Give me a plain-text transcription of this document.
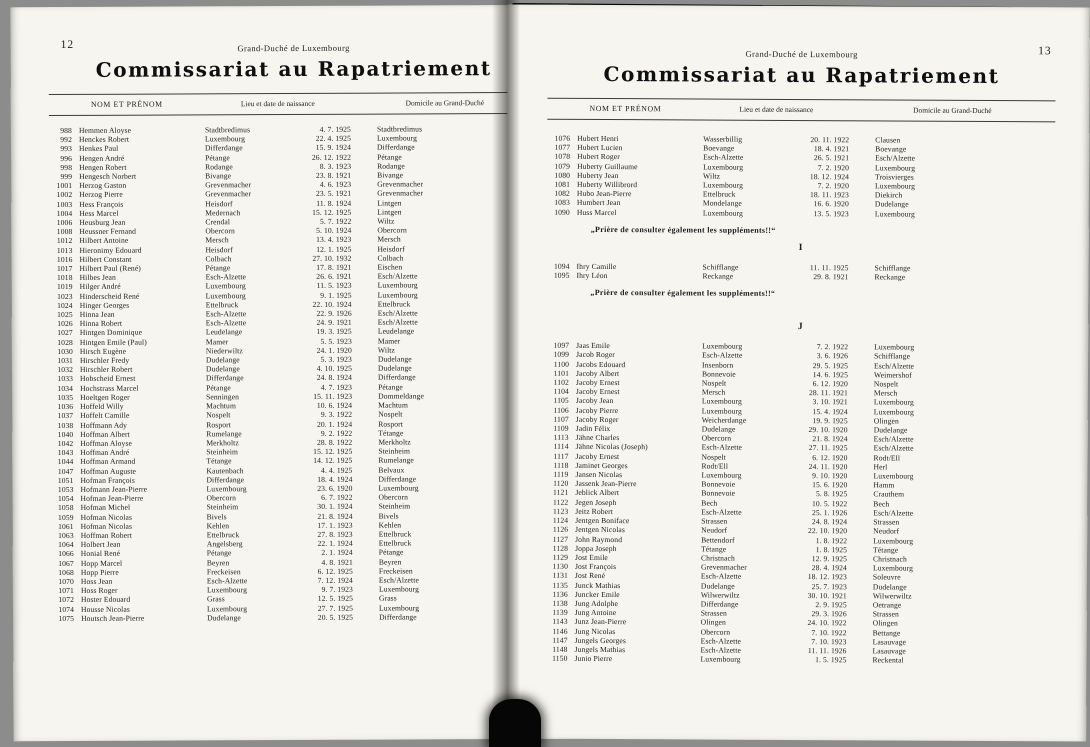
12	Grand-Duché de Luxembourg
Commissariat au Rapatriement
NOM ET PRÉNOM	Lieu et date de naissance	Domicile au Grand-Duché
988 Hemmen Aloyse	Stadtbredimus	4. 7. 1925	Stadtbredimus
992 Henckes Robert	Luxembourg	22. 4. 1925	Luxembourg
993 Henkes Paul	Differdange	15. 9. 1924	Differdange
996 Hengen André	Pétange	26. 12. 1922	Pétange
998 Hengen Robert	Rodange	8. 3. 1923	Rodange
999 Hengesch Norbert	Bivange	23. 8. 1921	Bivange
1001 Herzog Gaston	Grevenmacher	4. 6. 1923	Grevenmacher
1002 Herzog Pierre	Grevenmacher	23. 5. 1921	Grevenmacher
1003 Hess François	Heisdorf	11. 8. 1924	Lintgen
1004 Hess Marcel	Medernach	15. 12. 1925	Lintgen
1006 Heusburg Jean	Crendal	5. 7. 1922	Wiltz
1008 Heussner Fernand	Obercorn	5. 10. 1924	Obercorn
1012 Hilbert Antoine	Mersch	13. 4. 1923	Mersch
1013 Hieronimy Edouard	Heisdorf	12. 1. 1925	Heisdorf
1016 Hilbert Constant	Colbach	27. 10. 1932	Colbach
1017 Hilbert Paul (René)	Pétange	17. 8. 1921	Eischen
1018 Hilbes Jean	Esch-Alzette	26. 6. 1921	Esch/Alzette
1019 Hilger André	Luxembourg	11. 5. 1923	Luxembourg
1023 Hinderscheid René	Luxembourg	9. 1. 1925	Luxembourg
1024 Hinger Georges	Ettelbruck	22. 10. 1924	Ettelbruck
1025 Hinna Jean	Esch-Alzette	22. 9. 1926	Esch/Alzette
1026 Hinna Robert	Esch-Alzette	24. 9. 1921	Esch/Alzette
1027 Hintgen Dominique	Leudelange	19. 3. 1925	Leudelange
1028 Hintgen Emile (Paul)	Mamer	5. 5. 1923	Mamer
1030 Hirsch Eugène	Niederwiltz	24. 1. 1920	Wiltz
1031 Hirschler Fredy	Dudelange	5. 3. 1923	Dudelange
1032 Hirschler Robert	Dudelange	4. 10. 1925	Dudelange
1033 Hobscheid Ernest	Differdange	24. 8. 1924	Differdange
1034 Hochstrass Marcel	Pétange	4. 7. 1923	Pétange
1035 Hoeltgen Roger	Senningen	15. 11. 1923	Dommeldange
1036 Hoffeld Willy	Machtum	10. 6. 1924	Machtum
1037 Hoffelt Camille	Nospelt	9. 3. 1922	Nospelt
1038 Hoffmann Ady	Rosport	20. 1. 1924	Rosport
1040 Hoffman Albert	Rumelange	9. 2. 1922	Tétange
1042 Hoffman Aloyse	Merkholtz	28. 8. 1922	Merkholtz
1043 Hoffman André	Steinheim	15. 12. 1925	Steinheim
1044 Hoffman Armand	Tétange	14. 12. 1925	Rumelange
1047 Hoffman Auguste	Kautenbach	4. 4. 1925	Belvaux
1051 Hofman François	Differdange	18. 4. 1924	Differdange
1053 Hofmann Jean-Pierre	Luxembourg	23. 6. 1920	Luxembourg
1054 Hofman Jean-Pierre	Obercorn	6. 7. 1922	Obercorn
1058 Hofman Michel	Steinheim	30. 1. 1924	Steinheim
1059 Hofman Nicolas	Bivels	21. 8. 1924	Bivels
1061 Hofman Nicolas	Kehlen	17. 1. 1923	Kehlen
1063 Hoffman Robert	Ettelbruck	27. 8. 1923	Ettelbruck
1064 Holbert Jean	Angelsberg	22. 1. 1924	Ettelbruck
1066 Honial René	Pétange	2. 1. 1924	Pétange
1067 Hopp Marcel	Beyren	4. 8. 1921	Beyren
1068 Hopp Pierre	Freckeisen	6. 12. 1925	Freckeisen
1070 Hoss Jean	Esch-Alzette	7. 12. 1924	Esch/Alzette
1071 Hoss Roger	Luxembourg	9. 7. 1923	Luxembourg
1072 Hoster Edouard	Grass	12. 5. 1925	Grass
1074 Housse Nicolas	Luxembourg	27. 7. 1925	Luxembourg
1075 Houtsch Jean-Pierre	Dudelange	20. 5. 1925	Differdange
13
Grand-Duché de Luxembourg
Commissariat au Rapatriement
NOM ET PRÉNOM	Lieu et date de naissance	Domicile au Grand-Duché
1076 Hubert Henri	Wasserbillig	20. 11. 1922	Clausen
1077 Hubert Lucien	Boevange	18. 4. 1921	Boevange
1078 Hubert Roger	Esch-Alzette	26. 5. 1921	Esch/Alzette
1079 Huberty Guillaume	Luxembourg	7. 2. 1920	Luxembourg
1080 Huberty Jean	Wiltz	18. 12. 1924	Troisvierges
1081 Huberty Willibrord	Luxembourg	7. 2. 1920	Luxembourg
1082 Hubo Jean-Pierre	Ettelbruck	18. 11. 1923	Diekirch
1083 Humbert Jean	Mondelange	16. 6. 1920	Dudelange
1090 Huss Marcel	Luxembourg	13. 5. 1923	Luxembourg
„Prière de consulter également les suppléments!!“
I
1094 Ihry Camille	Schifflange	11. 11. 1925	Schifflange
1095 Ihry Léon	Reckange	29. 8. 1921	Reckange
„Prière de consulter également les suppléments!!“
J
1097 Jaas Emile	Luxembourg	7. 2. 1922	Luxembourg
1099 Jacob Roger	Esch-Alzette	3. 6. 1926	Schifflange
1100 Jacobs Edouard	Insenborn	29. 5. 1925	Esch/Alzette
1101 Jacoby Albert	Bonnevoie	14. 6. 1925	Weimershof
1102 Jacoby Ernest	Nospelt	6. 12. 1920	Nospelt
1104 Jacoby Ernest	Mersch	28. 11. 1921	Mersch
1105 Jacoby Jean	Luxembourg	3. 10. 1921	Luxembourg
1106 Jacoby Pierre	Luxembourg	15. 4. 1924	Luxembourg
1107 Jacoby Roger	Weicherdange	19. 9. 1925	Olingen
1109 Jadin Félix	Dudelange	29. 10. 1920	Dudelange
1113 Jähne Charles	Obercorn	21. 8. 1924	Esch/Alzette
1114 Jähne Nicolas (Joseph)	Esch-Alzette	27. 11. 1925	Esch/Alzette
1117 Jacoby Ernest	Nospelt	6. 12. 1920	Rodt/Ell
1118 Jaminet Georges	Rodt/Ell	24. 11. 1920	Herl
1119 Jansen Nicolas	Luxembourg	9. 10. 1920	Luxembourg
1120 Jassenk Jean-Pierre	Bonnevoie	15. 6. 1920	Hamm
1121 Jeblick Albert	Bonnevoie	5. 8. 1925	Crauthem
1122 Jegen Joseph	Bech	10. 5. 1922	Bech
1123 Jeitz Robert	Esch-Alzette	25. 1. 1926	Esch/Alzette
1124 Jentgen Boniface	Strassen	24. 8. 1924	Strassen
1126 Jentgen Nicolas	Neudorf	22. 10. 1920	Neudorf
1127 John Raymond	Bettendorf	1. 8. 1922	Luxembourg
1128 Joppa Joseph	Tétange	1. 8. 1925	Tétange
1129 Jost Emile	Christnach	12. 9. 1925	Christnach
1130 Jost François	Grevenmacher	28. 4. 1924	Luxembourg
1131 Jost René	Esch-Alzette	18. 12. 1923	Soleuvre
1135 Junck Mathias	Dudelange	25. 7. 1923	Dudelange
1136 Juncker Emile	Wilwerwiltz	30. 10. 1921	Wilwerwiltz
1138 Jung Adolphe	Differdange	2. 9. 1925	Oetrange
1139 Jung Antoine	Strassen	29. 3. 1926	Strassen
1143 Junz Jean-Pierre	Olingen	24. 10. 1922	Olingen
1146 Jung Nicolas	Obercorn	7. 10. 1922	Bettange
1147 Jungels Georges	Esch-Alzette	7. 10. 1923	Lasauvage
1148 Jungels Mathias	Esch-Alzette	11. 11. 1926	Lasauvage
1150 Junio Pierre	Luxembourg	1. 5. 1925	Reckental
